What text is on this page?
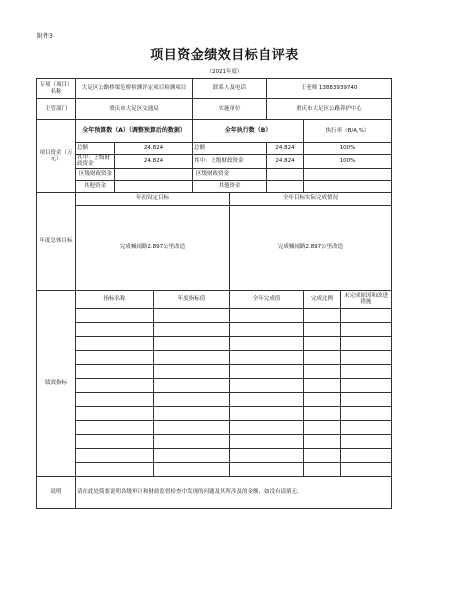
附件3
项目资金绩效目标自评表
（2021年度）
专项（项目）名称	大足区公路桥梁危桥检测评定项目检测项目			联系人及电话		王老师 13883939740		
主管部门	重庆市大足区交通局			实施单位		重庆市大足区公路养护中心		
项目资金（万元）	全年预算数（A）（调整预算后的数据）			全年执行数（B）			执行率（B/A,%）	
	总额	24.824		总额		24.824	100%	
	其中：上级财政资金	24.824		其中：上级财政资金		24.824	100%	
	区级财政资金			区级财政资金				
	其他资金			其他资金				
年度总体目标	年初设定目标				全年目标实际完成情况			
	完成喊闹路2.897公里改造				完成喊闹路2.897公里改造			
绩效指标	指标名称		年度指标值		全年完成值		完成比例	未完成原因和改进措施

说明	请在此处简要说明各级审计和财政监督检查中发现的问题及其所涉及的金额，如没有请填无。							
